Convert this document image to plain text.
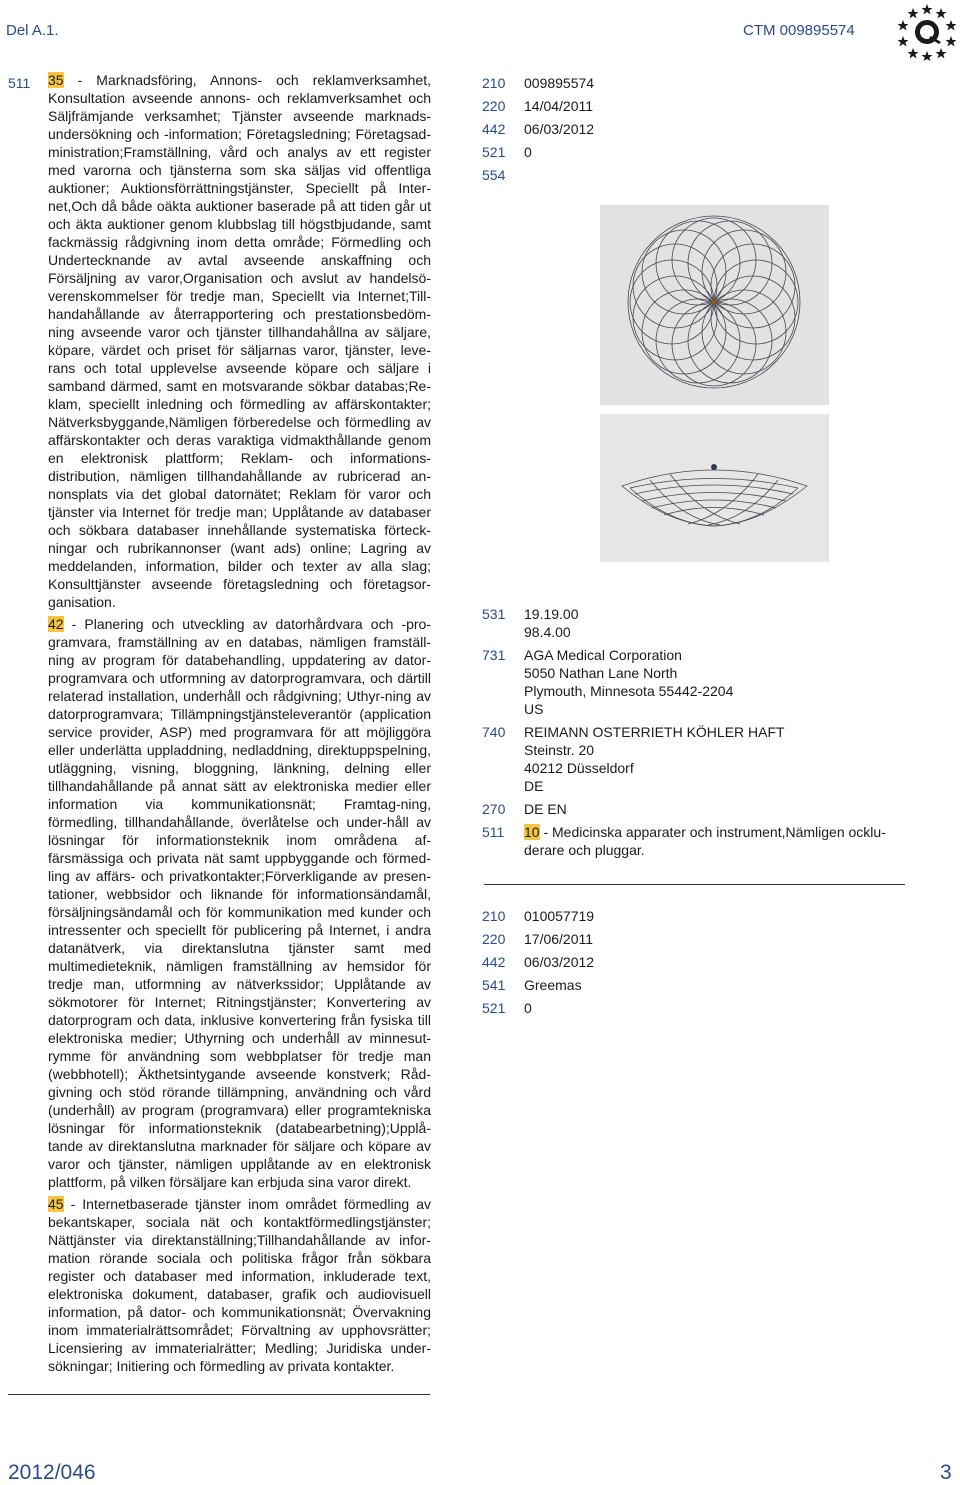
Del A.1.	CTM 009895574
511 35 - Marknadsföring, Annons- och reklamverksamhet, Konsultation avseende annons- och reklamverksamhet och Säljfrämjande verksamhet; Tjänster avseende marknads-undersökning och -information; Företagsledning; Företagsad-ministration;Framställning, vård och analys av ett register med varorna och tjänsterna som ska säljas vid offentliga auktioner; Auktionsförrättningstjänster, Speciellt på Inter-net,Och då både oäkta auktioner baserade på att tiden går ut och äkta auktioner genom klubbslag till högstbjudande, samt fackmässig rådgivning inom detta område; Förmedling och Undertecknande av avtal avseende anskaffning och Försäljning av varor,Organisation och avslut av handelsö-verenskommelser för tredje man, Speciellt via Internet;Till-handahållande av återrapportering och prestationsbedöm-ning avseende varor och tjänster tillhandahållna av säljare, köpare, värdet och priset för säljarnas varor, tjänster, leve-rans och total upplevelse avseende köpare och säljare i samband därmed, samt en motsvarande sökbar databas;Re-klam, speciellt inledning och förmedling av affärskontakter; Nätverksbyggande,Nämligen förberedelse och förmedling av affärskontakter och deras varaktiga vidmakthållande genom en elektronisk plattform; Reklam- och informations-distribution, nämligen tillhandahållande av rubricerad an-nonsplats via det global datornätet; Reklam för varor och tjänster via Internet för tredje man; Upplåtande av databaser och sökbara databaser innehållande systematiska förteck-ningar och rubrikannonser (want ads) online; Lagring av meddelanden, information, bilder och texter av alla slag; Konsulttjänster avseende företagsledning och företagsor-ganisation.

42 - Planering och utveckling av datorhårdvara och -pro-gramvara, framställning av en databas, nämligen framställ-ning av program för databehandling, uppdatering av dator-programvara och utformning av datorprogramvara, och därtill relaterad installation, underhåll och rådgivning; Uthyr-ning av datorprogramvara; Tillämpningstjänsteleverantör (application service provider, ASP) med programvara för att möjliggöra eller underlätta uppladdning, nedladdning, direktuppspelning, utläggning, visning, bloggning, länkning, delning eller tillhandahållande på annat sätt av elektroniska medier eller information via kommunikationsnät; Framtag-ning, förmedling, tillhandahållande, överlåtelse och under-håll av lösningar för informationsteknik inom områdena af-färsmässiga och privata nät samt uppbyggande och förmed-ling av affärs- och privatkontakter;Förverkligande av presen-tationer, webbsidor och liknande för informationsändamål, försäljningsändamål och för kommunikation med kunder och intressenter och speciellt för publicering på Internet, i andra datanätverk, via direktanslutna tjänster samt med multimedieteknik, nämligen framställning av hemsidor för tredje man, utformning av nätverkssidor; Upplåtande av sökmotorer för Internet; Ritningstjänster; Konvertering av datorprogram och data, inklusive konvertering från fysiska till elektroniska medier; Uthyrning och underhåll av minnesut-rymme för användning som webbplatser för tredje man (webbhotell); Äkthetsintygande avseende konstverk; Råd-givning och stöd rörande tillämpning, användning och vård (underhåll) av program (programvara) eller programtekniska lösningar för informationsteknik (databearbetning);Upplå-tande av direktanslutna marknader för säljare och köpare av varor och tjänster, nämligen upplåtande av en elektronisk plattform, på vilken försäljare kan erbjuda sina varor direkt.

45 - Internetbaserade tjänster inom området förmedling av bekantskaper, sociala nät och kontaktförmedlingstjänster; Nättjänster via direktanställning;Tillhandahållande av infor-mation rörande sociala och politiska frågor från sökbara register och databaser med information, inkluderade text, elektroniska dokument, databaser, grafik och audiovisuell information, på dator- och kommunikationsnät; Övervakning inom immaterialrättsområdet; Förvaltning av upphovsrätter; Licensiering av immaterialrätter; Medling; Juridiska under-sökningar; Initiering och förmedling av privata kontakter.

210	009895574
220	14/04/2011
442	06/03/2012
521	0
554
531	19.19.00
98.4.00
731	AGA Medical Corporation
5050 Nathan Lane North
Plymouth, Minnesota 55442-2204
US
740	REIMANN OSTERRIETH KÖHLER HAFT
Steinstr. 20
40212 Düsseldorf
DE
270	DE EN
511	10 - Medicinska apparater och instrument,Nämligen ocklu-derare och pluggar.
210	010057719
220	17/06/2011
442	06/03/2012
541	Greemas
521	0
2012/046	3
